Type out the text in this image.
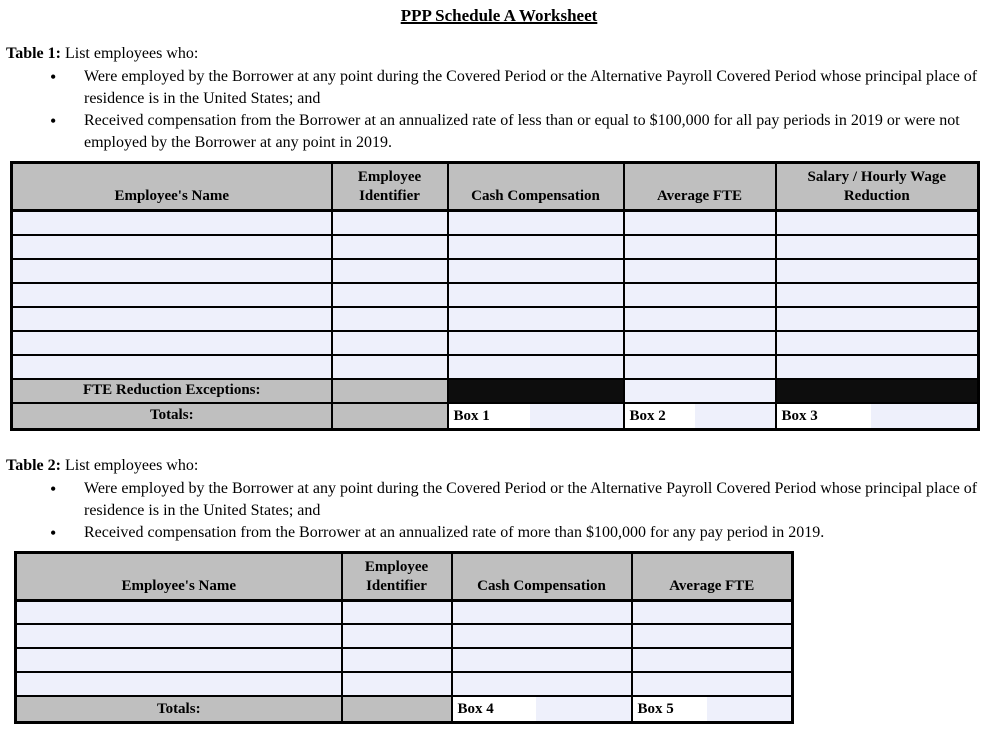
PPP Schedule A Worksheet

Table 1: List employees who:

• Were employed by the Borrower at any point during the Covered Period or the Alternative Payroll Covered Period whose principal place of residence is in the United States; and
• Received compensation from the Borrower at an annualized rate of less than or equal to $100,000 for all pay periods in 2019 or were not employed by the Borrower at any point in 2019.
Employee's Name	Employee Identifier	Cash Compensation	Average FTE	Salary / Hourly Wage Reduction

FTE Reduction Exceptions:				
Totals:		Box 1	Box 2	Box 3

Table 2: List employees who:

• Were employed by the Borrower at any point during the Covered Period or the Alternative Payroll Covered Period whose principal place of residence is in the United States; and
• Received compensation from the Borrower at an annualized rate of more than $100,000 for any pay period in 2019.
Employee's Name	Employee Identifier	Cash Compensation	Average FTE

Totals:		Box 4	Box 5
